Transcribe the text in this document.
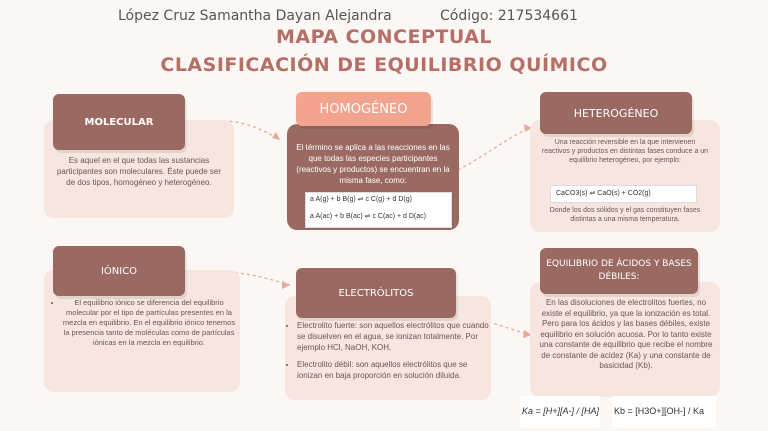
López Cruz Samantha Dayan Alejandra	Código: 217534661
MAPA CONCEPTUAL
CLASIFICACIÓN DE EQUILIBRIO QUÍMICO
MOLECULAR
Es aquel en el que todas las sustancias participantes son moleculares. Éste puede ser de dos tipos, homogéneo y heterogéneo.
HOMOGÉNEO
El término se aplica a las reacciones en las que todas las especies participantes (reactivos y productos) se encuentran en la misma fase, como:
a A(g) + b B(g) ⇌ c C(g) + d D(g)
a A(ac) + b B(ac) ⇌ c C(ac) + d D(ac)
HETEROGÉNEO
Una reacción reversible en la que intervienen reactivos y productos en distintas fases conduce a un equilibrio heterogéneo, por ejemplo:
CaCO3(s) ⇌ CaO(s) + CO2(g)
Donde los dos sólidos y el gas constituyen fases distintas a una misma temperatura.
IÓNICO
• El equilibrio iónico se diferencia del equilibrio molecular por el tipo de partículas presentes en la mezcla en equilibrio. En el equilibrio iónico tenemos la presencia tanto de moléculas como de partículas iónicas en la mezcla en equilibrio.
ELECTRÓLITOS
• Electrolito fuerte: son aquellos electrólitos que cuando se disuelven en el agua, se ionizan totalmente. Por ejemplo HCl, NaOH, KOH.
• Electrolito débil: son aquellos electrólitos que se ionizan en baja proporción en solución diluida.
EQUILIBRIO DE ÁCIDOS Y BASES DÉBILES:
En las disoluciones de electrolitos fuertes, no existe el equilibrio, ya que la ionización es total. Pero para los ácidos y las bases débiles, existe equilibrio en solución acuosa. Por lo tanto existe una constante de equilibrio que recibe el nombre de constante de acidez (Ka) y una constante de basicidad (Kb).
Ka = [H+][A-] / [HA] Kb = [H3O+][OH-] / Ka
